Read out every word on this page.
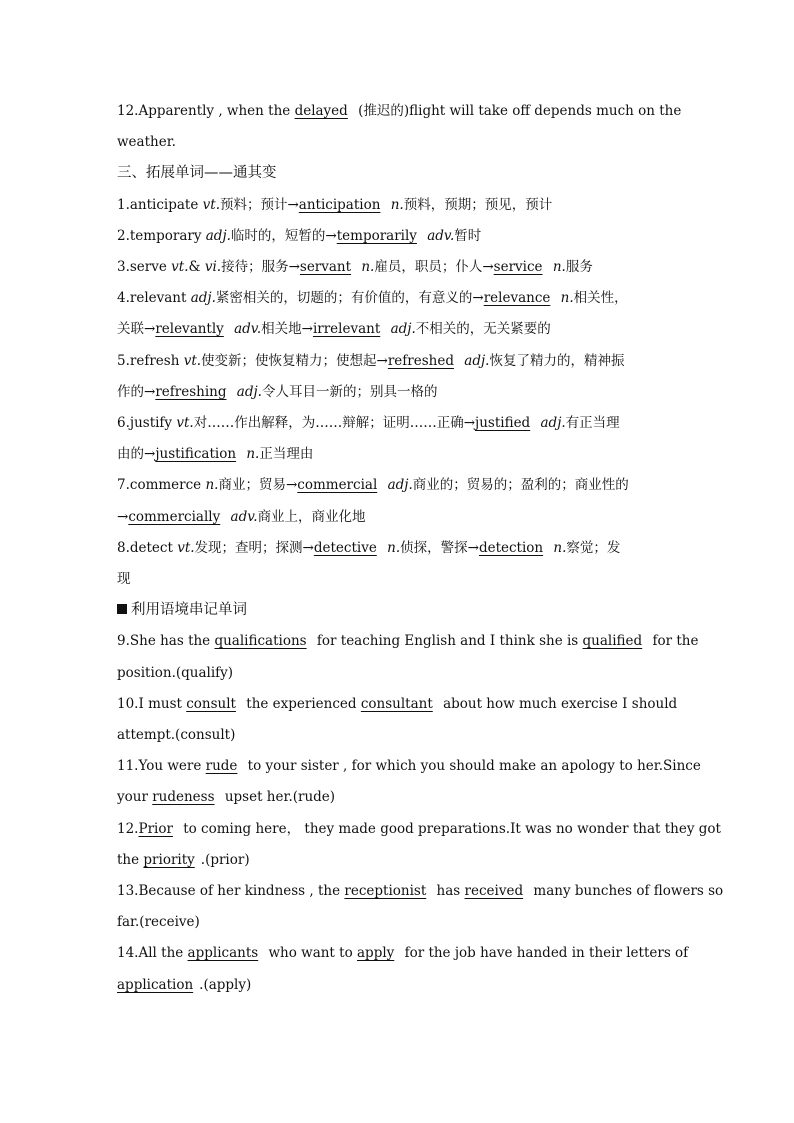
12.Apparently , when the delayed (推迟的)flight will take off depends much on the
weather.
三、拓展单词——通其变
1.anticipate vt.预料；预计→anticipation n.预料，预期；预见，预计
2.temporary adj.临时的，短暂的→temporarily adv.暂时
3.serve vt.& vi.接待；服务→servant n.雇员，职员；仆人→service n.服务
4.relevant adj.紧密相关的，切题的；有价值的，有意义的→relevance n.相关性，
关联→relevantly adv.相关地→irrelevant adj.不相关的，无关紧要的
5.refresh vt.使变新；使恢复精力；使想起→refreshed adj.恢复了精力的，精神振
作的→refreshing adj.令人耳目一新的；别具一格的
6.justify vt.对……作出解释，为……辩解；证明……正确→justified adj.有正当理
由的→justification n.正当理由
7.commerce n.商业；贸易→commercial adj.商业的；贸易的；盈利的；商业性的
→commercially adv.商业上，商业化地
8.detect vt.发现；查明；探测→detective n.侦探，警探→detection n.察觉；发
现
利用语境串记单词
9.She has the qualifications for teaching English and I think she is qualified for the
position.(qualify)
10.I must consult the experienced consultant about how much exercise I should
attempt.(consult)
11.You were rude to your sister , for which you should make an apology to her.Since
your rudeness upset her.(rude)
12.Prior to coming here， they made good preparations.It was no wonder that they got
the priority .(prior)
13.Because of her kindness , the receptionist has received many bunches of flowers so
far.(receive)
14.All the applicants who want to apply for the job have handed in their letters of
application .(apply)
